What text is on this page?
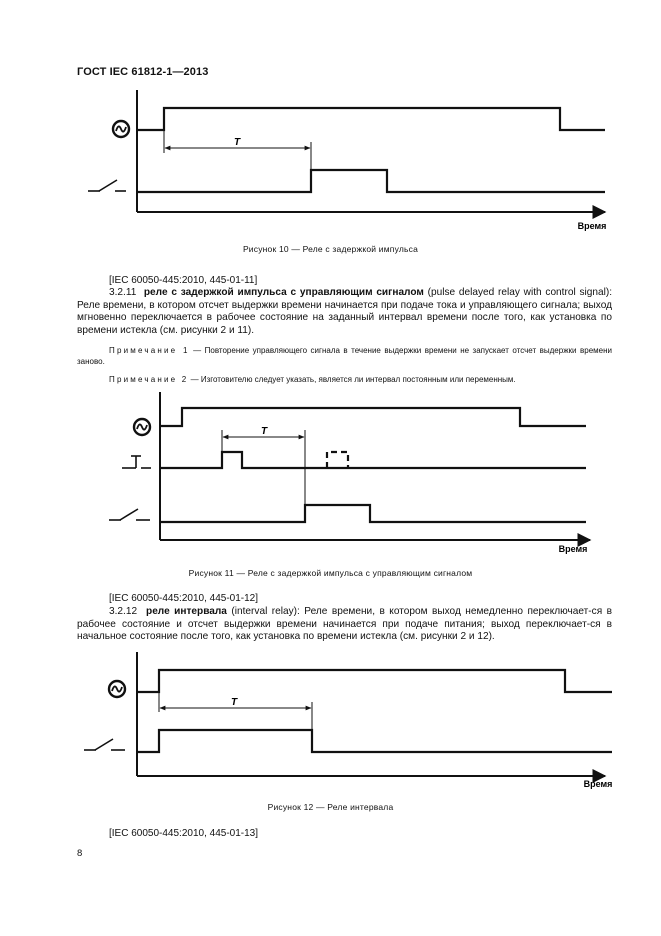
ГОСТ IEC 61812-1—2013
T
Время
Рисунок 10 — Реле с задержкой импульса
[IEC 60050-445:2010, 445-01-11]
3.2.11 реле с задержкой импульса с управляющим сигналом (pulse delayed relay with control signal): Реле времени, в котором отсчет выдержки времени начинается при подаче тока и управляющего сигнала; выход мгновенно переключается в рабочее состояние на заданный интервал времени после того, как установка по времени истекла (см. рисунки 2 и 11).
Примечание 1 — Повторение управляющего сигнала в течение выдержки времени не запускает отсчет выдержки времени заново.
Примечание 2 — Изготовителю следует указать, является ли интервал постоянным или переменным.
T
Время
Рисунок 11 — Реле с задержкой импульса с управляющим сигналом
[IEC 60050-445:2010, 445-01-12]
3.2.12 реле интервала (interval relay): Реле времени, в котором выход немедленно переключает-ся в рабочее состояние и отсчет выдержки времени начинается при подаче питания; выход переключает-ся в начальное состояние после того, как установка по времени истекла (см. рисунки 2 и 12).
T
Время
Рисунок 12 — Реле интервала
[IEC 60050-445:2010, 445-01-13]
8
